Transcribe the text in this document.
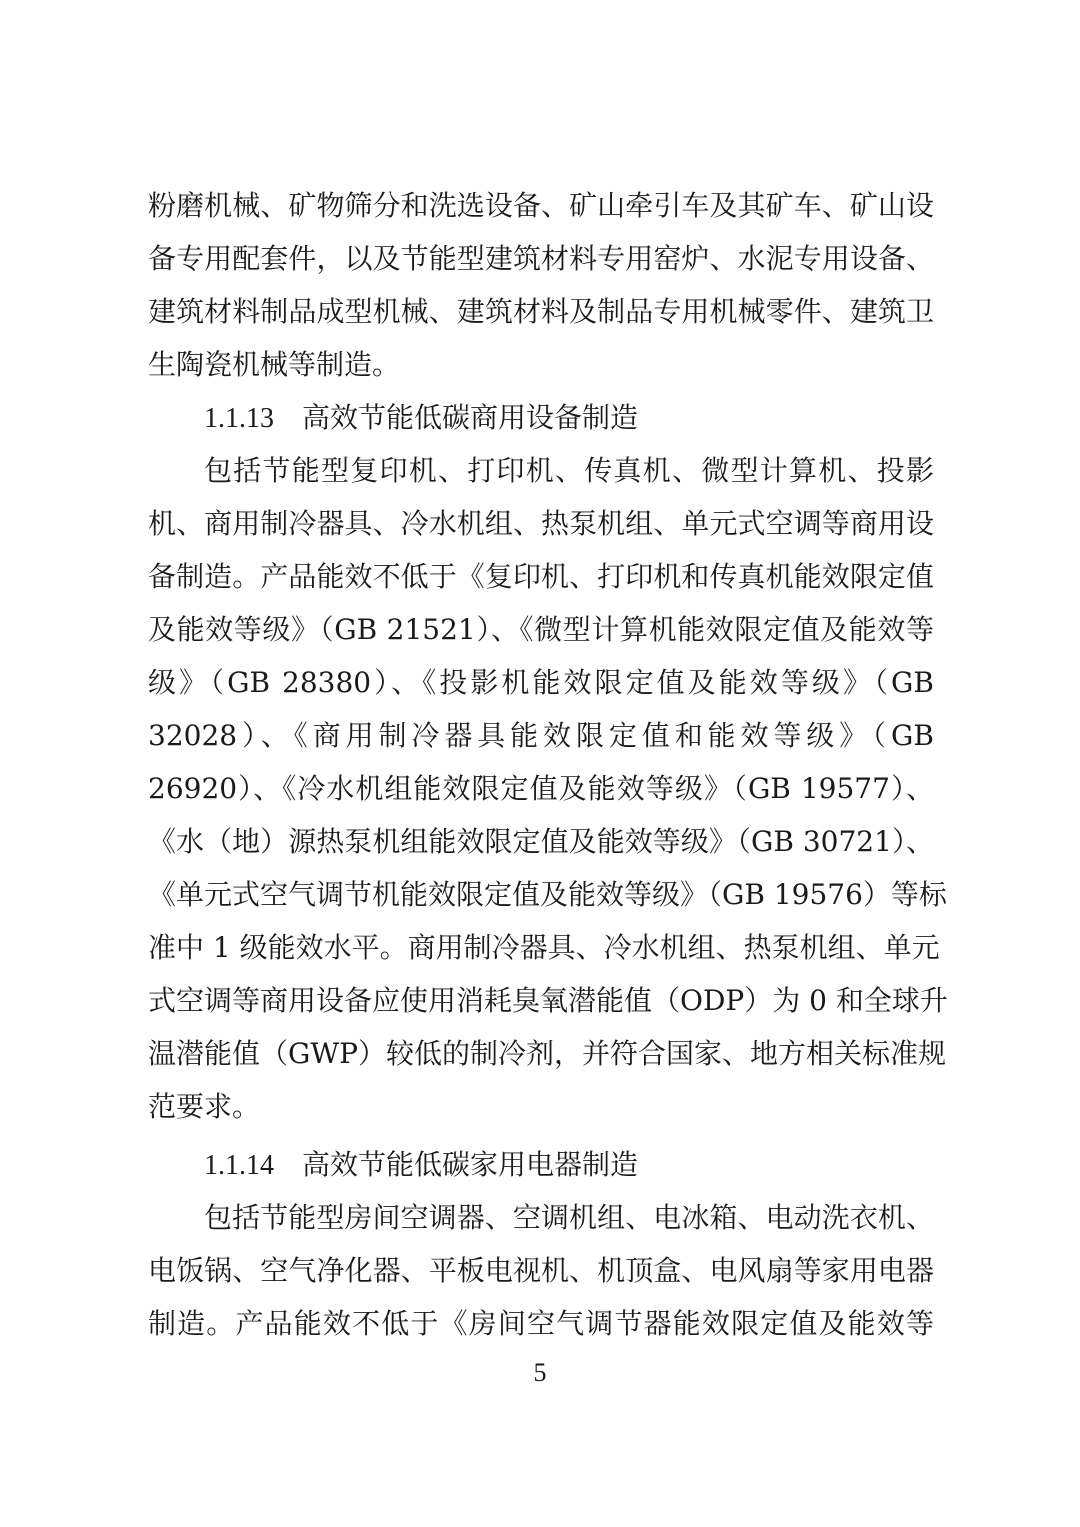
粉磨机械、矿物筛分和洗选设备、矿山牵引车及其矿车、矿山设
备专用配套件，以及节能型建筑材料专用窑炉、水泥专用设备、
建筑材料制品成型机械、建筑材料及制品专用机械零件、建筑卫
生陶瓷机械等制造。
1.1.13 高效节能低碳商用设备制造
包括节能型复印机、打印机、传真机、微型计算机、投影
机、商用制冷器具、冷水机组、热泵机组、单元式空调等商用设
备制造。产品能效不低于《复印机、打印机和传真机能效限定值
及能效等级》（GB 21521）、《微型计算机能效限定值及能效等
级》（GB 28380）、《投影机能效限定值及能效等级》（GB
32028）、《商用制冷器具能效限定值和能效等级》（GB
26920）、《冷水机组能效限定值及能效等级》（GB 19577）、
《水（地）源热泵机组能效限定值及能效等级》（GB 30721）、
《单元式空气调节机能效限定值及能效等级》（GB 19576）等标
准中 1 级能效水平。商用制冷器具、冷水机组、热泵机组、单元
式空调等商用设备应使用消耗臭氧潜能值（ODP）为 0 和全球升
温潜能值（GWP）较低的制冷剂，并符合国家、地方相关标准规
范要求。
1.1.14 高效节能低碳家用电器制造
包括节能型房间空调器、空调机组、电冰箱、电动洗衣机、
电饭锅、空气净化器、平板电视机、机顶盒、电风扇等家用电器
制造。产品能效不低于《房间空气调节器能效限定值及能效等
5
